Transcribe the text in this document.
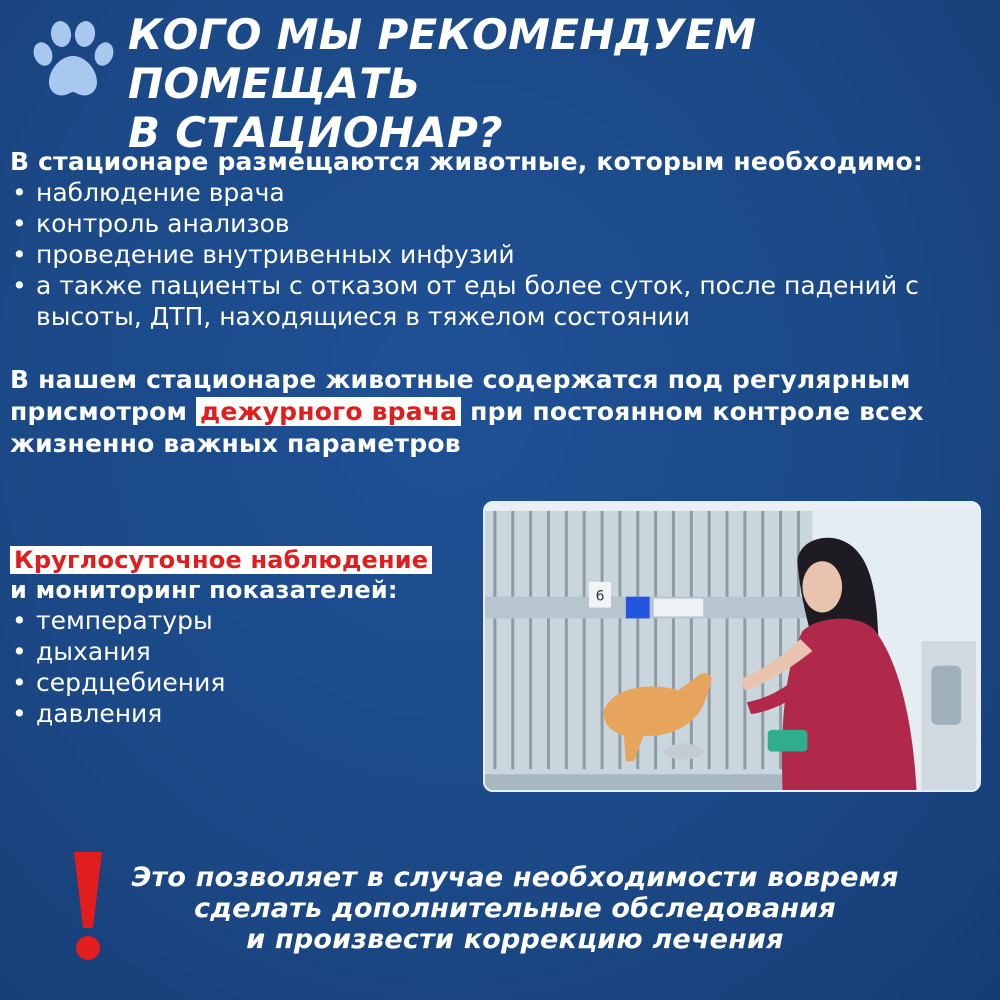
КОГО МЫ РЕКОМЕНДУЕМ ПОМЕЩАТЬ
В СТАЦИОНАР?

В стационаре размещаются животные, которым необходимо:

• наблюдение врача
• контроль анализов
• проведение внутривенных инфузий
• а также пациенты с отказом от еды более суток, после падений с высоты, ДТП, находящиеся в тяжелом состоянии

В нашем стационаре животные содержатся под регулярным присмотром дежурного врача при постоянном контроле всех жизненно важных параметров

Круглосуточное наблюдение
и мониторинг показателей:

• температуры
• дыхания
• сердцебиения
• давления
6

Это позволяет в случае необходимости вовремя
сделать дополнительные обследования
и произвести коррекцию лечения
